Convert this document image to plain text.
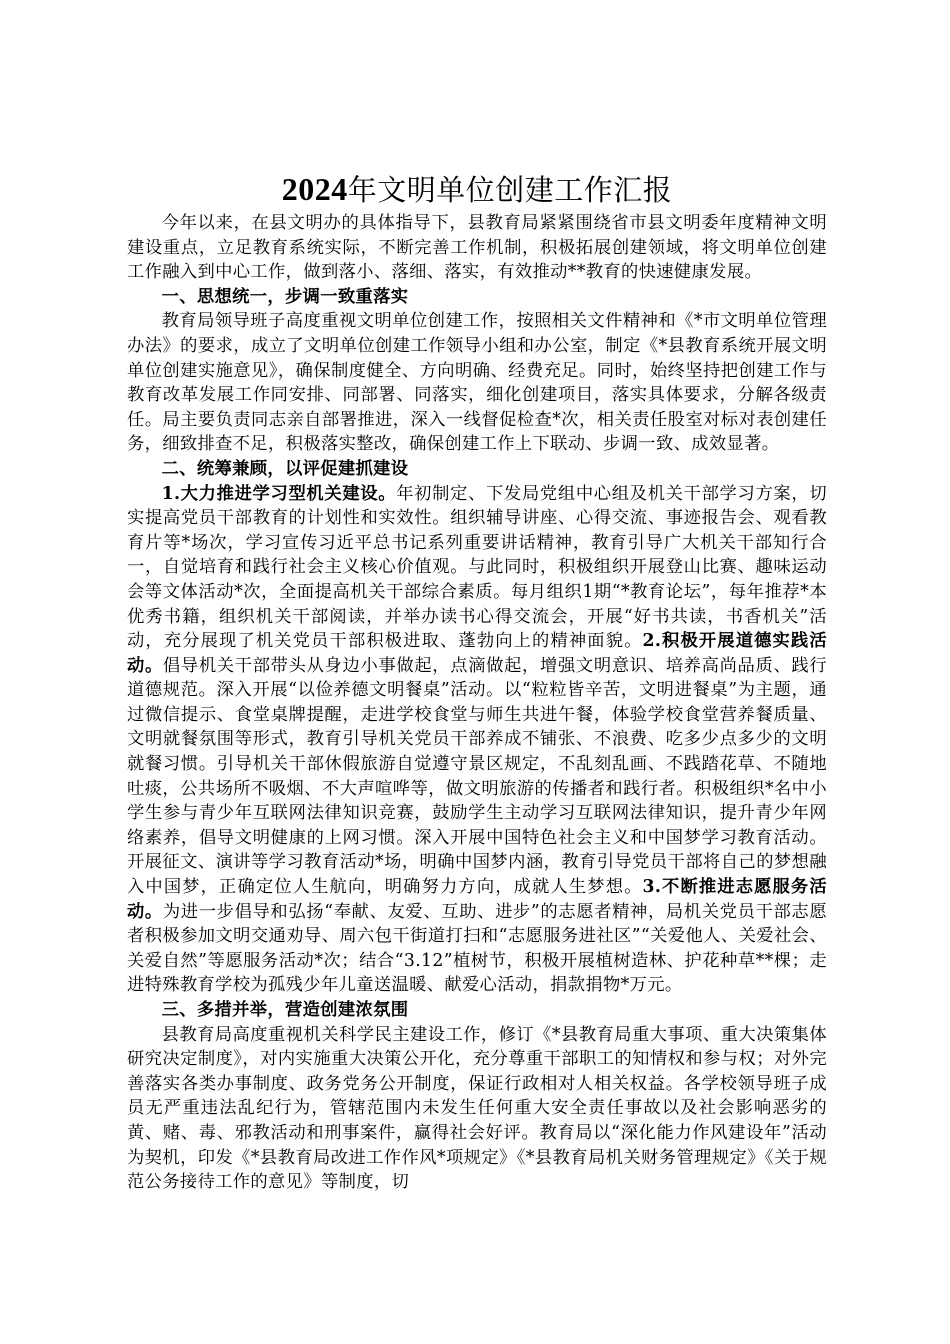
2024年文明单位创建工作汇报

今年以来，在县文明办的具体指导下，县教育局紧紧围绕省市县文明委年度精神文明建设重点，立足教育系统实际，不断完善工作机制，积极拓展创建领域，将文明单位创建工作融入到中心工作，做到落小、落细、落实，有效推动**教育的快速健康发展。

一、思想统一，步调一致重落实

教育局领导班子高度重视文明单位创建工作，按照相关文件精神和《*市文明单位管理办法》的要求，成立了文明单位创建工作领导小组和办公室，制定《*县教育系统开展文明单位创建实施意见》，确保制度健全、方向明确、经费充足。同时，始终坚持把创建工作与教育改革发展工作同安排、同部署、同落实，细化创建项目，落实具体要求，分解各级责任。局主要负责同志亲自部署推进，深入一线督促检查*次，相关责任股室对标对表创建任务，细致排查不足，积极落实整改，确保创建工作上下联动、步调一致、成效显著。

二、统筹兼顾，以评促建抓建设

1.大力推进学习型机关建设。年初制定、下发局党组中心组及机关干部学习方案，切实提高党员干部教育的计划性和实效性。组织辅导讲座、心得交流、事迹报告会、观看教育片等*场次，学习宣传习近平总书记系列重要讲话精神，教育引导广大机关干部知行合一，自觉培育和践行社会主义核心价值观。与此同时，积极组织开展登山比赛、趣味运动会等文体活动*次，全面提高机关干部综合素质。每月组织1期“*教育论坛”，每年推荐*本优秀书籍，组织机关干部阅读，并举办读书心得交流会，开展“好书共读，书香机关”活动，充分展现了机关党员干部积极进取、蓬勃向上的精神面貌。2.积极开展道德实践活动。倡导机关干部带头从身边小事做起，点滴做起，增强文明意识、培养高尚品质、践行道德规范。深入开展“以俭养德文明餐桌”活动。以“粒粒皆辛苦，文明进餐桌”为主题，通过微信提示、食堂桌牌提醒，走进学校食堂与师生共进午餐，体验学校食堂营养餐质量、文明就餐氛围等形式，教育引导机关党员干部养成不铺张、不浪费、吃多少点多少的文明就餐习惯。引导机关干部休假旅游自觉遵守景区规定，不乱刻乱画、不践踏花草、不随地吐痰，公共场所不吸烟、不大声喧哗等，做文明旅游的传播者和践行者。积极组织*名中小学生参与青少年互联网法律知识竞赛，鼓励学生主动学习互联网法律知识，提升青少年网络素养，倡导文明健康的上网习惯。深入开展中国特色社会主义和中国梦学习教育活动。开展征文、演讲等学习教育活动*场，明确中国梦内涵，教育引导党员干部将自己的梦想融入中国梦，正确定位人生航向，明确努力方向，成就人生梦想。3.不断推进志愿服务活动。为进一步倡导和弘扬“奉献、友爱、互助、进步”的志愿者精神，局机关党员干部志愿者积极参加文明交通劝导、周六包干街道打扫和“志愿服务进社区”“关爱他人、关爱社会、关爱自然”等愿服务活动*次；结合“3.12”植树节，积极开展植树造林、护花种草**棵；走进特殊教育学校为孤残少年儿童送温暖、献爱心活动，捐款捐物*万元。

三、多措并举，营造创建浓氛围

县教育局高度重视机关科学民主建设工作，修订《*县教育局重大事项、重大决策集体研究决定制度》，对内实施重大决策公开化，充分尊重干部职工的知情权和参与权；对外完善落实各类办事制度、政务党务公开制度，保证行政相对人相关权益。各学校领导班子成员无严重违法乱纪行为，管辖范围内未发生任何重大安全责任事故以及社会影响恶劣的黄、赌、毒、邪教活动和刑事案件，赢得社会好评。教育局以“深化能力作风建设年”活动为契机，印发《*县教育局改进工作作风*项规定》《*县教育局机关财务管理规定》《关于规范公务接待工作的意见》等制度，切
